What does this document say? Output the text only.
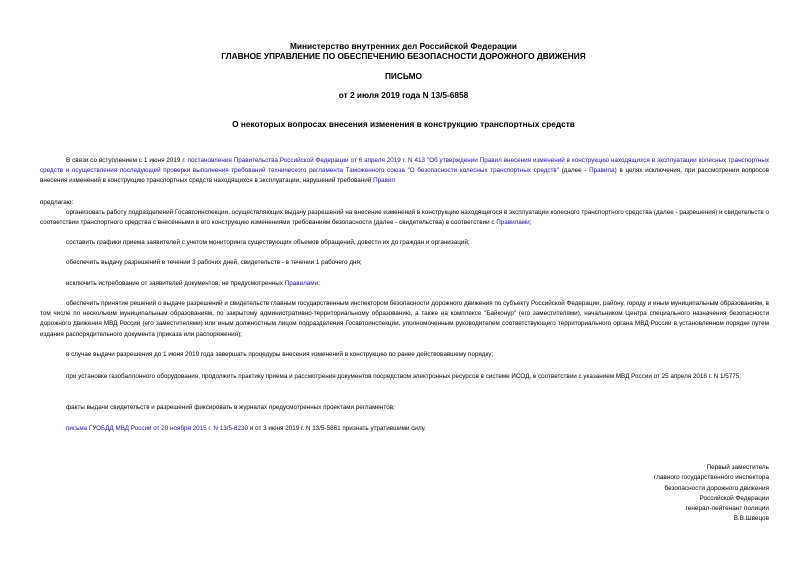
Министерство внутренних дел Российской Федерации
ГЛАВНОЕ УПРАВЛЕНИЕ ПО ОБЕСПЕЧЕНИЮ БЕЗОПАСНОСТИ ДОРОЖНОГО ДВИЖЕНИЯ
ПИСЬМО
от 2 июля 2019 года N 13/5-6858
О некоторых вопросах внесения изменения в конструкцию транспортных средств
В связи со вступлением с 1 июня 2019 г. постановления Правительства Российской Федерации от 6 апреля 2019 г. N 413 "Об утверждении Правил внесения изменений в конструкцию находящихся в эксплуатации колесных транспортных средств и осуществления последующей проверки выполнения требований технического регламента Таможенного союза "О безопасности колесных транспортных средств" (далее - Правила) в целях исключения, при рассмотрении вопросов внесения изменений в конструкцию транспортных средств находящихся в эксплуатации, нарушений требований Правил
предлагаю:
организовать работу подразделений Госавтоинспекции, осуществляющих выдачу разрешений на внесение изменений в конструкцию находящегося в эксплуатации колесного транспортного средства (далее - разрешения) и свидетельств о соответствии транспортного средства с внесенными в его конструкцию изменениями требованиям безопасности (далее - свидетельства) в соответствии с Правилами;
составить графики приема заявителей с учетом мониторинга существующих объемов обращений, довести их до граждан и организаций;
обеспечить выдачу разрешений в течении 3 рабочих дней, свидетельств - в течении 1 рабочего дня;
исключить истребование от заявителей документов, не предусмотренных Правилами;
обеспечить принятие решений о выдаче разрешений и свидетельств главным государственным инспектором безопасности дорожного движения по субъекту Российской Федерации, району, городу и иным муниципальным образованиям, в том числе по нескольким муниципальным образованиям, по закрытому административно-территориальному образованию, а также на комплексе "Байконур" (его заместителями), начальником Центра специального назначения безопасности дорожного движения МВД России (его заместителями) или иным должностным лицом подразделения Госавтоинспекции, уполномоченным руководителем соответствующего территориального органа МВД России в установленном порядке путем издания распорядительного документа (приказа или распоряжения);
в случае выдачи разрешения до 1 июня 2019 года завершать процедуры внесения изменений в конструкцию по ранее действовавшему порядку;
при установке газобаллонного оборудования, продолжить практику приема и рассмотрения документов посредством электронных ресурсов в системе ИСОД, в соответствии с указанием МВД России от 25 апреля 2018 г. N 1/5775;
факты выдачи свидетельств и разрешений фиксировать в журналах предусмотренных проектами регламентов;
письма ГУОБДД МВД России от 20 ноября 2015 г. N 13/5-8230 и от 3 июня 2019 г. N 13/5-5861 признать утратившими силу.
Первый заместитель
главного государственного инспектора
безопасности дорожного движения
Российской Федерации
генерал-лейтенант полиции
В.В.Швецов
